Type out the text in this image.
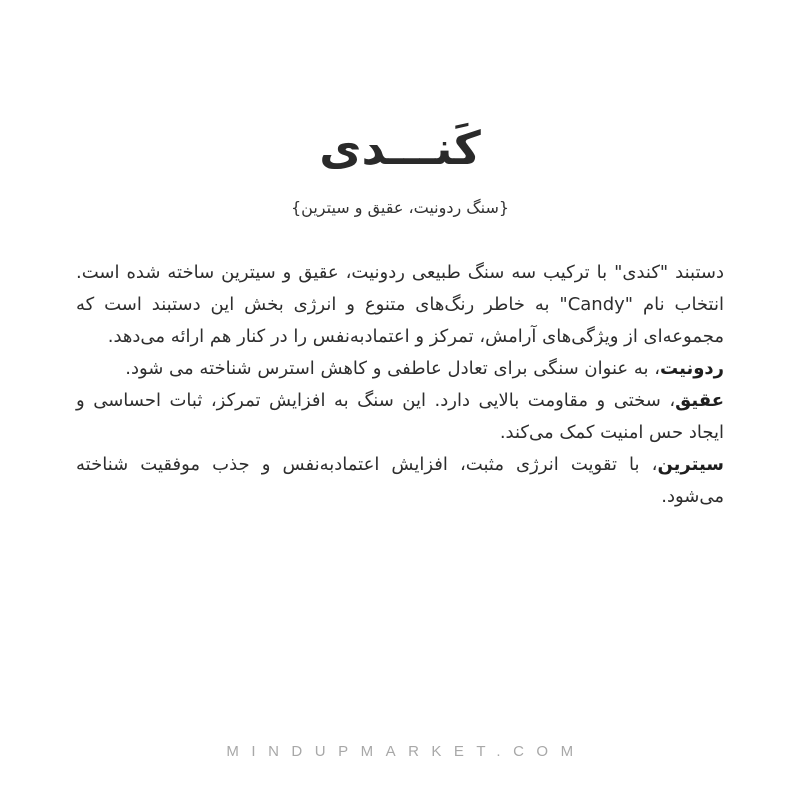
کَنـــدی
{سنگ ردونیت، عقیق و سیترین}

دستبند "کندی" با ترکیب سه سنگ طبیعی ردونیت، عقیق و سیترین ساخته شده است. انتخاب نام "Candy" به خاطر رنگ‌های متنوع و انرژی بخش این دستبند است که مجموعه‌ای از ویژگی‌های آرامش، تمرکز و اعتمادبه‌نفس را در کنار هم ارائه می‌دهد.

ردونیت، به عنوان سنگی برای تعادل عاطفی و کاهش استرس شناخته می شود.

عقیق، سختی و مقاومت بالایی دارد. این سنگ به افزایش تمرکز، ثبات احساسی و ایجاد حس امنیت کمک می‌کند.

سیترین، با تقویت انرژی مثبت، افزایش اعتمادبه‌نفس و جذب موفقیت شناخته می‌شود.

MINDUPMARKET.COM
